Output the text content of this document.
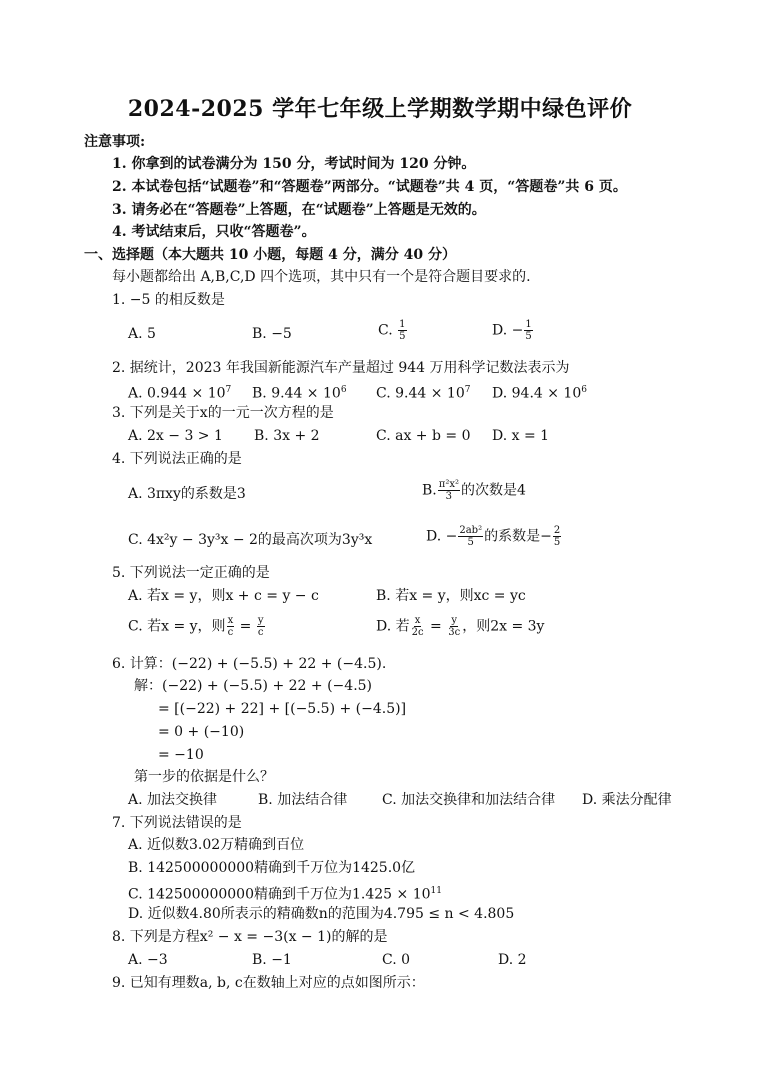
2024-2025 学年七年级上学期数学期中绿色评价
注意事项:
1. 你拿到的试卷满分为 150 分，考试时间为 120 分钟。
2. 本试卷包括“试题卷”和“答题卷”两部分。“试题卷”共 4 页，“答题卷”共 6 页。
3. 请务必在“答题卷”上答题，在“试题卷”上答题是无效的。
4. 考试结束后，只收“答题卷”。
一、选择题（本大题共 10 小题，每题 4 分，满分 40 分）
每小题都给出 A,B,C,D 四个选项，其中只有一个是符合题目要求的.
1. −5 的相反数是
A. 5	B. −5	C. $\frac{1}{5}$	D. − $\frac{1}{5}$
2. 据统计，2023 年我国新能源汽车产量超过 944 万用科学记数法表示为
A. $0.944 \times 10^7$ B. $9.44 \times 10^6$ C. $9.44 \times 10^7$ D. $94.4 \times 10^6$
3. 下列是关于x的一元一次方程的是
A. 2x − 3 > 1 B. 3x + 2	C. ax + b = 0 D. x = 1
4. 下列说法正确的是
A. 3πxy的系数是3	B. $\frac{\text{π²x²}}{3}$ 的次数是4
C. 4x²y − 3y³x − 2的最高次项为3y³x	D. − $\frac{\text{2ab²}}{5}$ 的系数是− $\frac{2}{5}$
5. 下列说法一定正确的是
A. 若x = y，则x + c = y − c	B. 若x = y，则xc = yc
C. 若x = y，则 $\frac{x}{c} = \frac{y}{c}$	D. 若 $\frac{x}{2c} = \frac{y}{3c}$ ，则2x = 3y
6. 计算：(−22) + (−5.5) + 22 + (−4.5).
解：(−22) + (−5.5) + 22 + (−4.5)
= [(−22) + 22] + [(−5.5) + (−4.5)]
= 0 + (−10)
= −10
第一步的依据是什么？
A. 加法交换律	B. 加法结合律 C. 加法交换律和加法结合律 D. 乘法分配律
7. 下列说法错误的是
A. 近似数3.02万精确到百位
B. 142500000000精确到千万位为1425.0亿
C. 142500000000精确到千万位为$1.425 \times 10^{11}$
D. 近似数4.80所表示的精确数n的范围为4.795 ≤ n < 4.805
8. 下列是方程x² − x = −3(x − 1)的解的是
A. −3	B. −1	C. 0	D. 2
9. 已知有理数a, b, c在数轴上对应的点如图所示：
